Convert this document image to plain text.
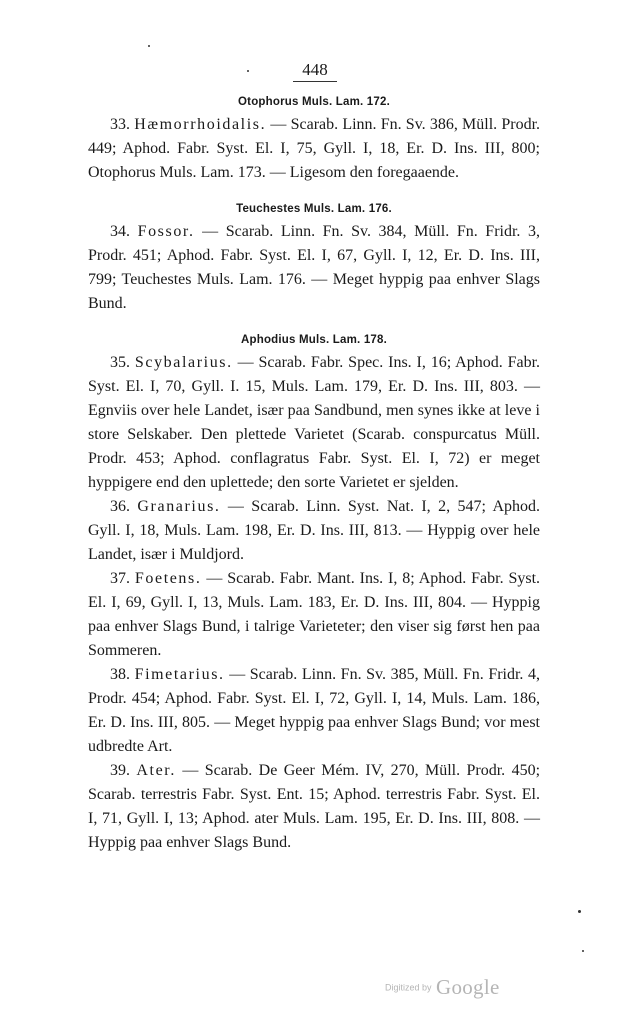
448

Otophorus Muls. Lam. 172.

33. Hæmorrhoidalis. — Scarab. Linn. Fn. Sv. 386, Müll. Prodr. 449; Aphod. Fabr. Syst. El. I, 75, Gyll. I, 18, Er. D. Ins. III, 800; Otophorus Muls. Lam. 173. — Ligesom den foregaaende.

Teuchestes Muls. Lam. 176.

34. Fossor. — Scarab. Linn. Fn. Sv. 384, Müll. Fn. Fridr. 3, Prodr. 451; Aphod. Fabr. Syst. El. I, 67, Gyll. I, 12, Er. D. Ins. III, 799; Teuchestes Muls. Lam. 176. — Meget hyppig paa enhver Slags Bund.

Aphodius Muls. Lam. 178.

35. Scybalarius. — Scarab. Fabr. Spec. Ins. I, 16; Aphod. Fabr. Syst. El. I, 70, Gyll. I. 15, Muls. Lam. 179, Er. D. Ins. III, 803. — Egnviis over hele Landet, især paa Sandbund, men synes ikke at leve i store Selskaber. Den plettede Varietet (Scarab. conspurcatus Müll. Prodr. 453; Aphod. conflagratus Fabr. Syst. El. I, 72) er meget hyppigere end den uplettede; den sorte Varietet er sjelden.

36. Granarius. — Scarab. Linn. Syst. Nat. I, 2, 547; Aphod. Gyll. I, 18, Muls. Lam. 198, Er. D. Ins. III, 813. — Hyppig over hele Landet, især i Muldjord.

37. Foetens. — Scarab. Fabr. Mant. Ins. I, 8; Aphod. Fabr. Syst. El. I, 69, Gyll. I, 13, Muls. Lam. 183, Er. D. Ins. III, 804. — Hyppig paa enhver Slags Bund, i talrige Varieteter; den viser sig først hen paa Sommeren.

38. Fimetarius. — Scarab. Linn. Fn. Sv. 385, Müll. Fn. Fridr. 4, Prodr. 454; Aphod. Fabr. Syst. El. I, 72, Gyll. I, 14, Muls. Lam. 186, Er. D. Ins. III, 805. — Meget hyppig paa enhver Slags Bund; vor mest udbredte Art.

39. Ater. — Scarab. De Geer Mém. IV, 270, Müll. Prodr. 450; Scarab. terrestris Fabr. Syst. Ent. 15; Aphod. terrestris Fabr. Syst. El. I, 71, Gyll. I, 13; Aphod. ater Muls. Lam. 195, Er. D. Ins. III, 808. — Hyppig paa enhver Slags Bund.

Digitized by Google
